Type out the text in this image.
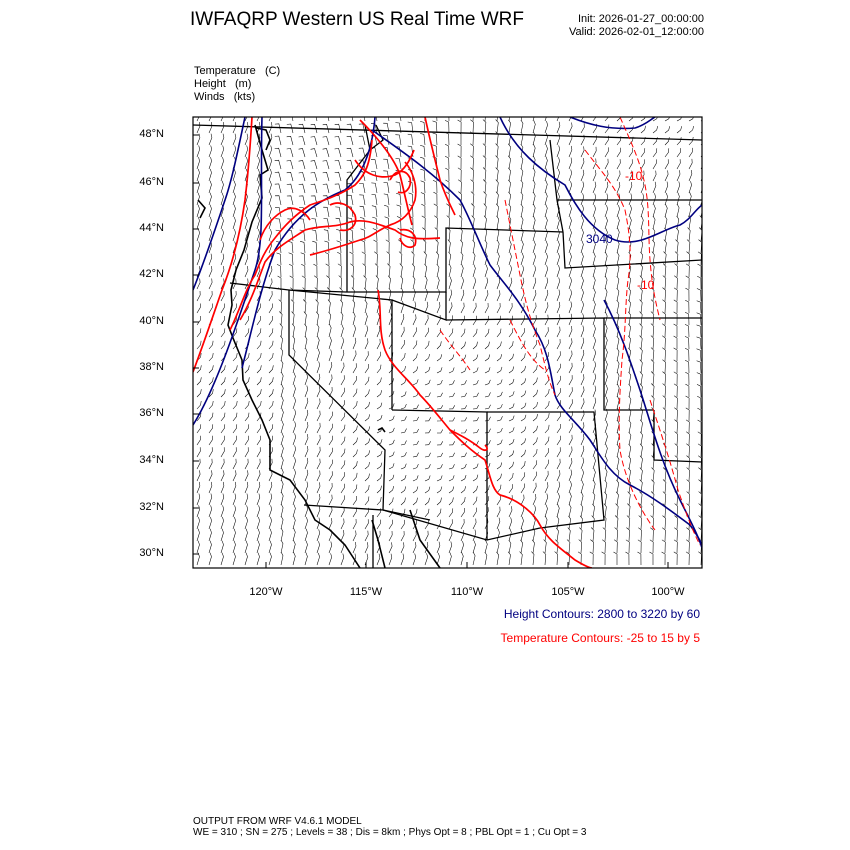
IWFAQRP Western US Real Time WRF	Init: 2026-01-27_00:00:00
Valid: 2026-02-01_12:00:00
Temperature (C)
Height (m)
Winds (kts)
3040
-10
-10
48°N
46°N
44°N
42°N
40°N
38°N
36°N
34°N
32°N
30°N
120°W	115°W	110°W	105°W	100°W
Height Contours: 2800 to 3220 by 60
Temperature Contours: -25 to 15 by 5
OUTPUT FROM WRF V4.6.1 MODEL
WE = 310 ; SN = 275 ; Levels = 38 ; Dis = 8km ; Phys Opt = 8 ; PBL Opt = 1 ; Cu Opt = 3
